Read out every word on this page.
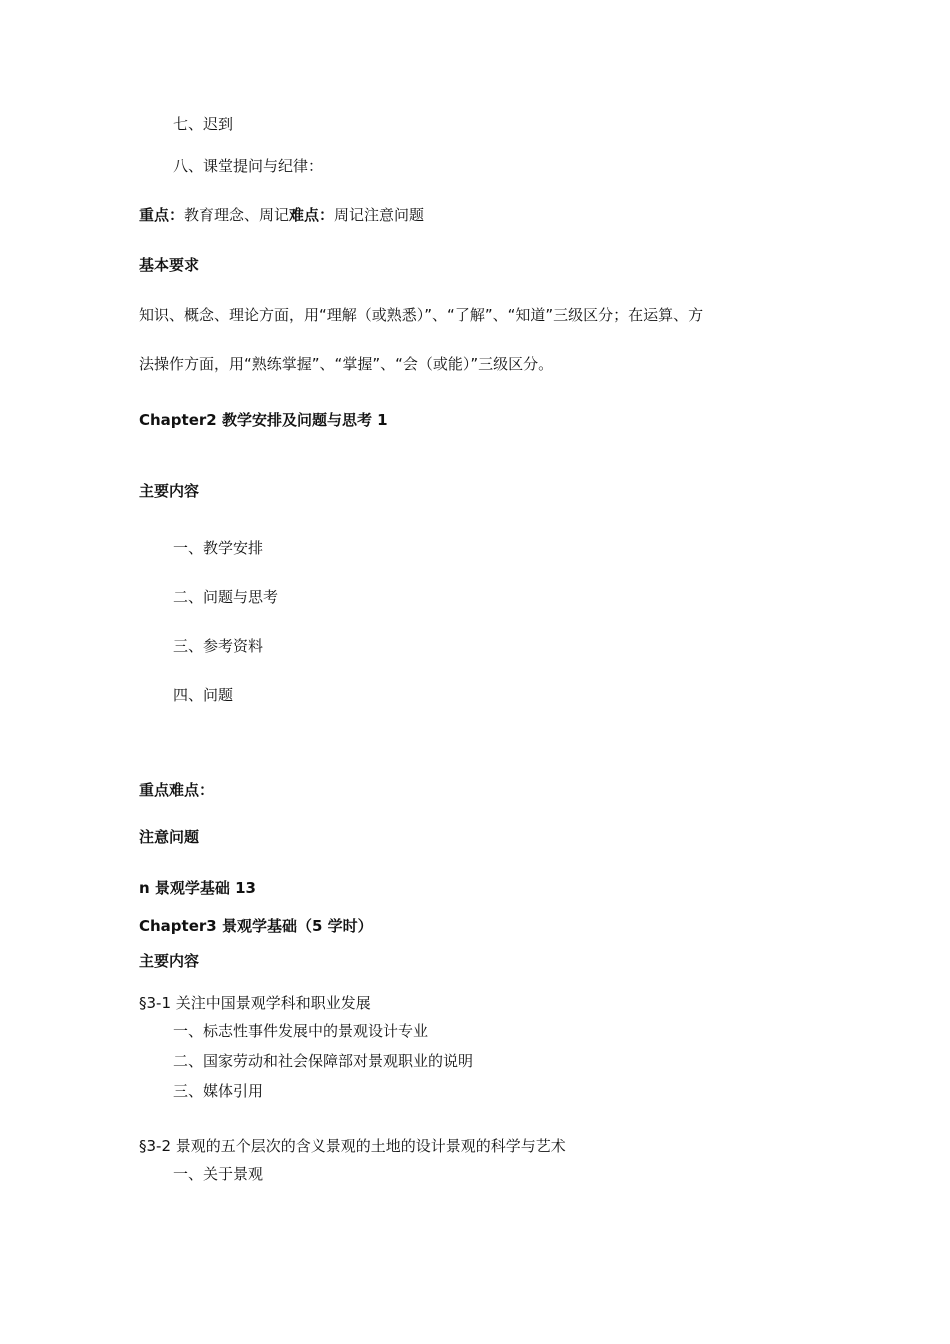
七、迟到
八、课堂提问与纪律：
重点：教育理念、周记难点：周记注意问题
基本要求
知识、概念、理论方面，用“理解（或熟悉）”、“了解”、“知道”三级区分；在运算、方
法操作方面，用“熟练掌握”、“掌握”、“会（或能）”三级区分。
Chapter2 教学安排及问题与思考 1
主要内容
一、教学安排
二、问题与思考
三、参考资料
四、问题
重点难点：
注意问题
n 景观学基础 13
Chapter3 景观学基础（5 学时）
主要内容
§3-1 关注中国景观学科和职业发展
一、标志性事件发展中的景观设计专业
二、国家劳动和社会保障部对景观职业的说明
三、媒体引用
§3-2 景观的五个层次的含义景观的土地的设计景观的科学与艺术
一、关于景观
